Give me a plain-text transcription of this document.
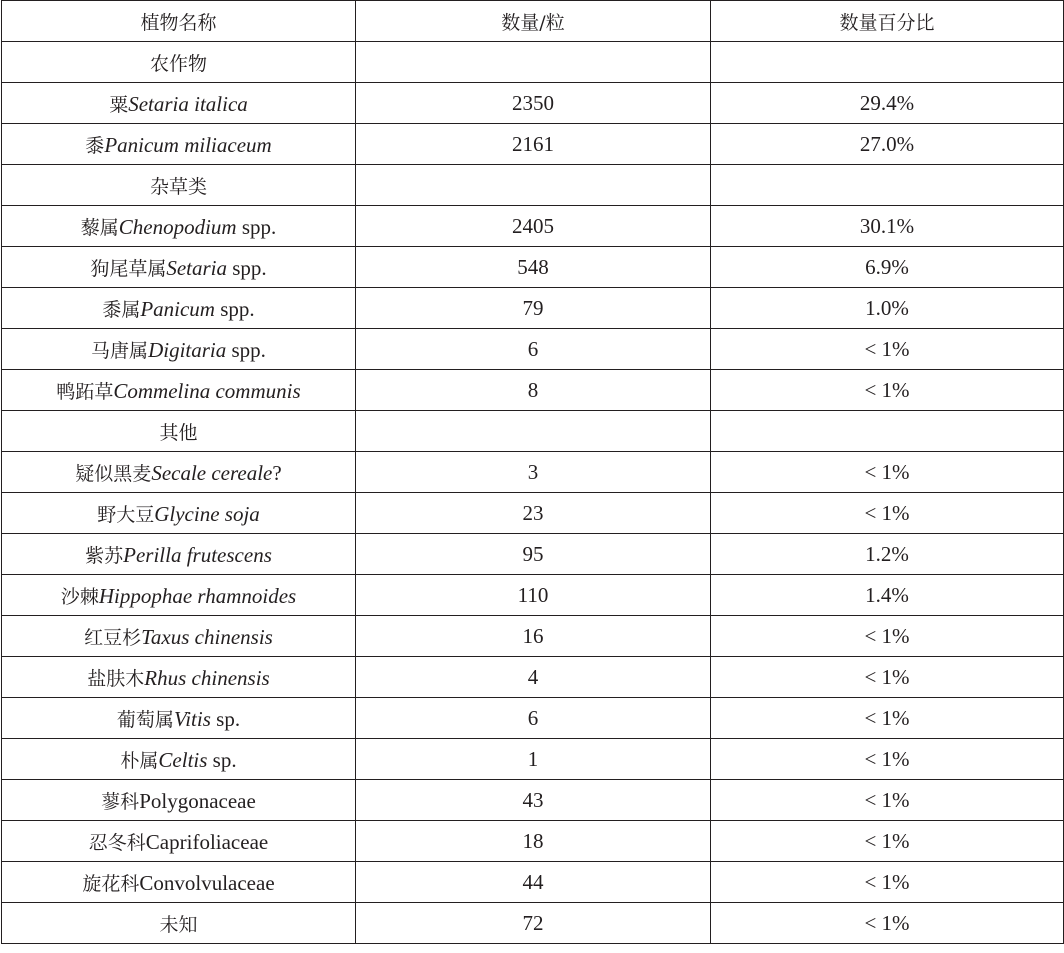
植物名称	数量/粒	数量百分比
农作物		
粟Setaria italica	2350	29.4%
黍Panicum miliaceum	2161	27.0%
杂草类		
藜属Chenopodium spp.	2405	30.1%
狗尾草属Setaria spp.	548	6.9%
黍属Panicum spp.	79	1.0%
马唐属Digitaria spp.	6	< 1%
鸭跖草Commelina communis	8	< 1%
其他		
疑似黑麦Secale cereale?	3	< 1%
野大豆Glycine soja	23	< 1%
紫苏Perilla frutescens	95	1.2%
沙棘Hippophae rhamnoides	110	1.4%
红豆杉Taxus chinensis	16	< 1%
盐肤木Rhus chinensis	4	< 1%
葡萄属Vitis sp.	6	< 1%
朴属Celtis sp.	1	< 1%
蓼科Polygonaceae	43	< 1%
忍冬科Caprifoliaceae	18	< 1%
旋花科Convolvulaceae	44	< 1%
未知	72	< 1%
